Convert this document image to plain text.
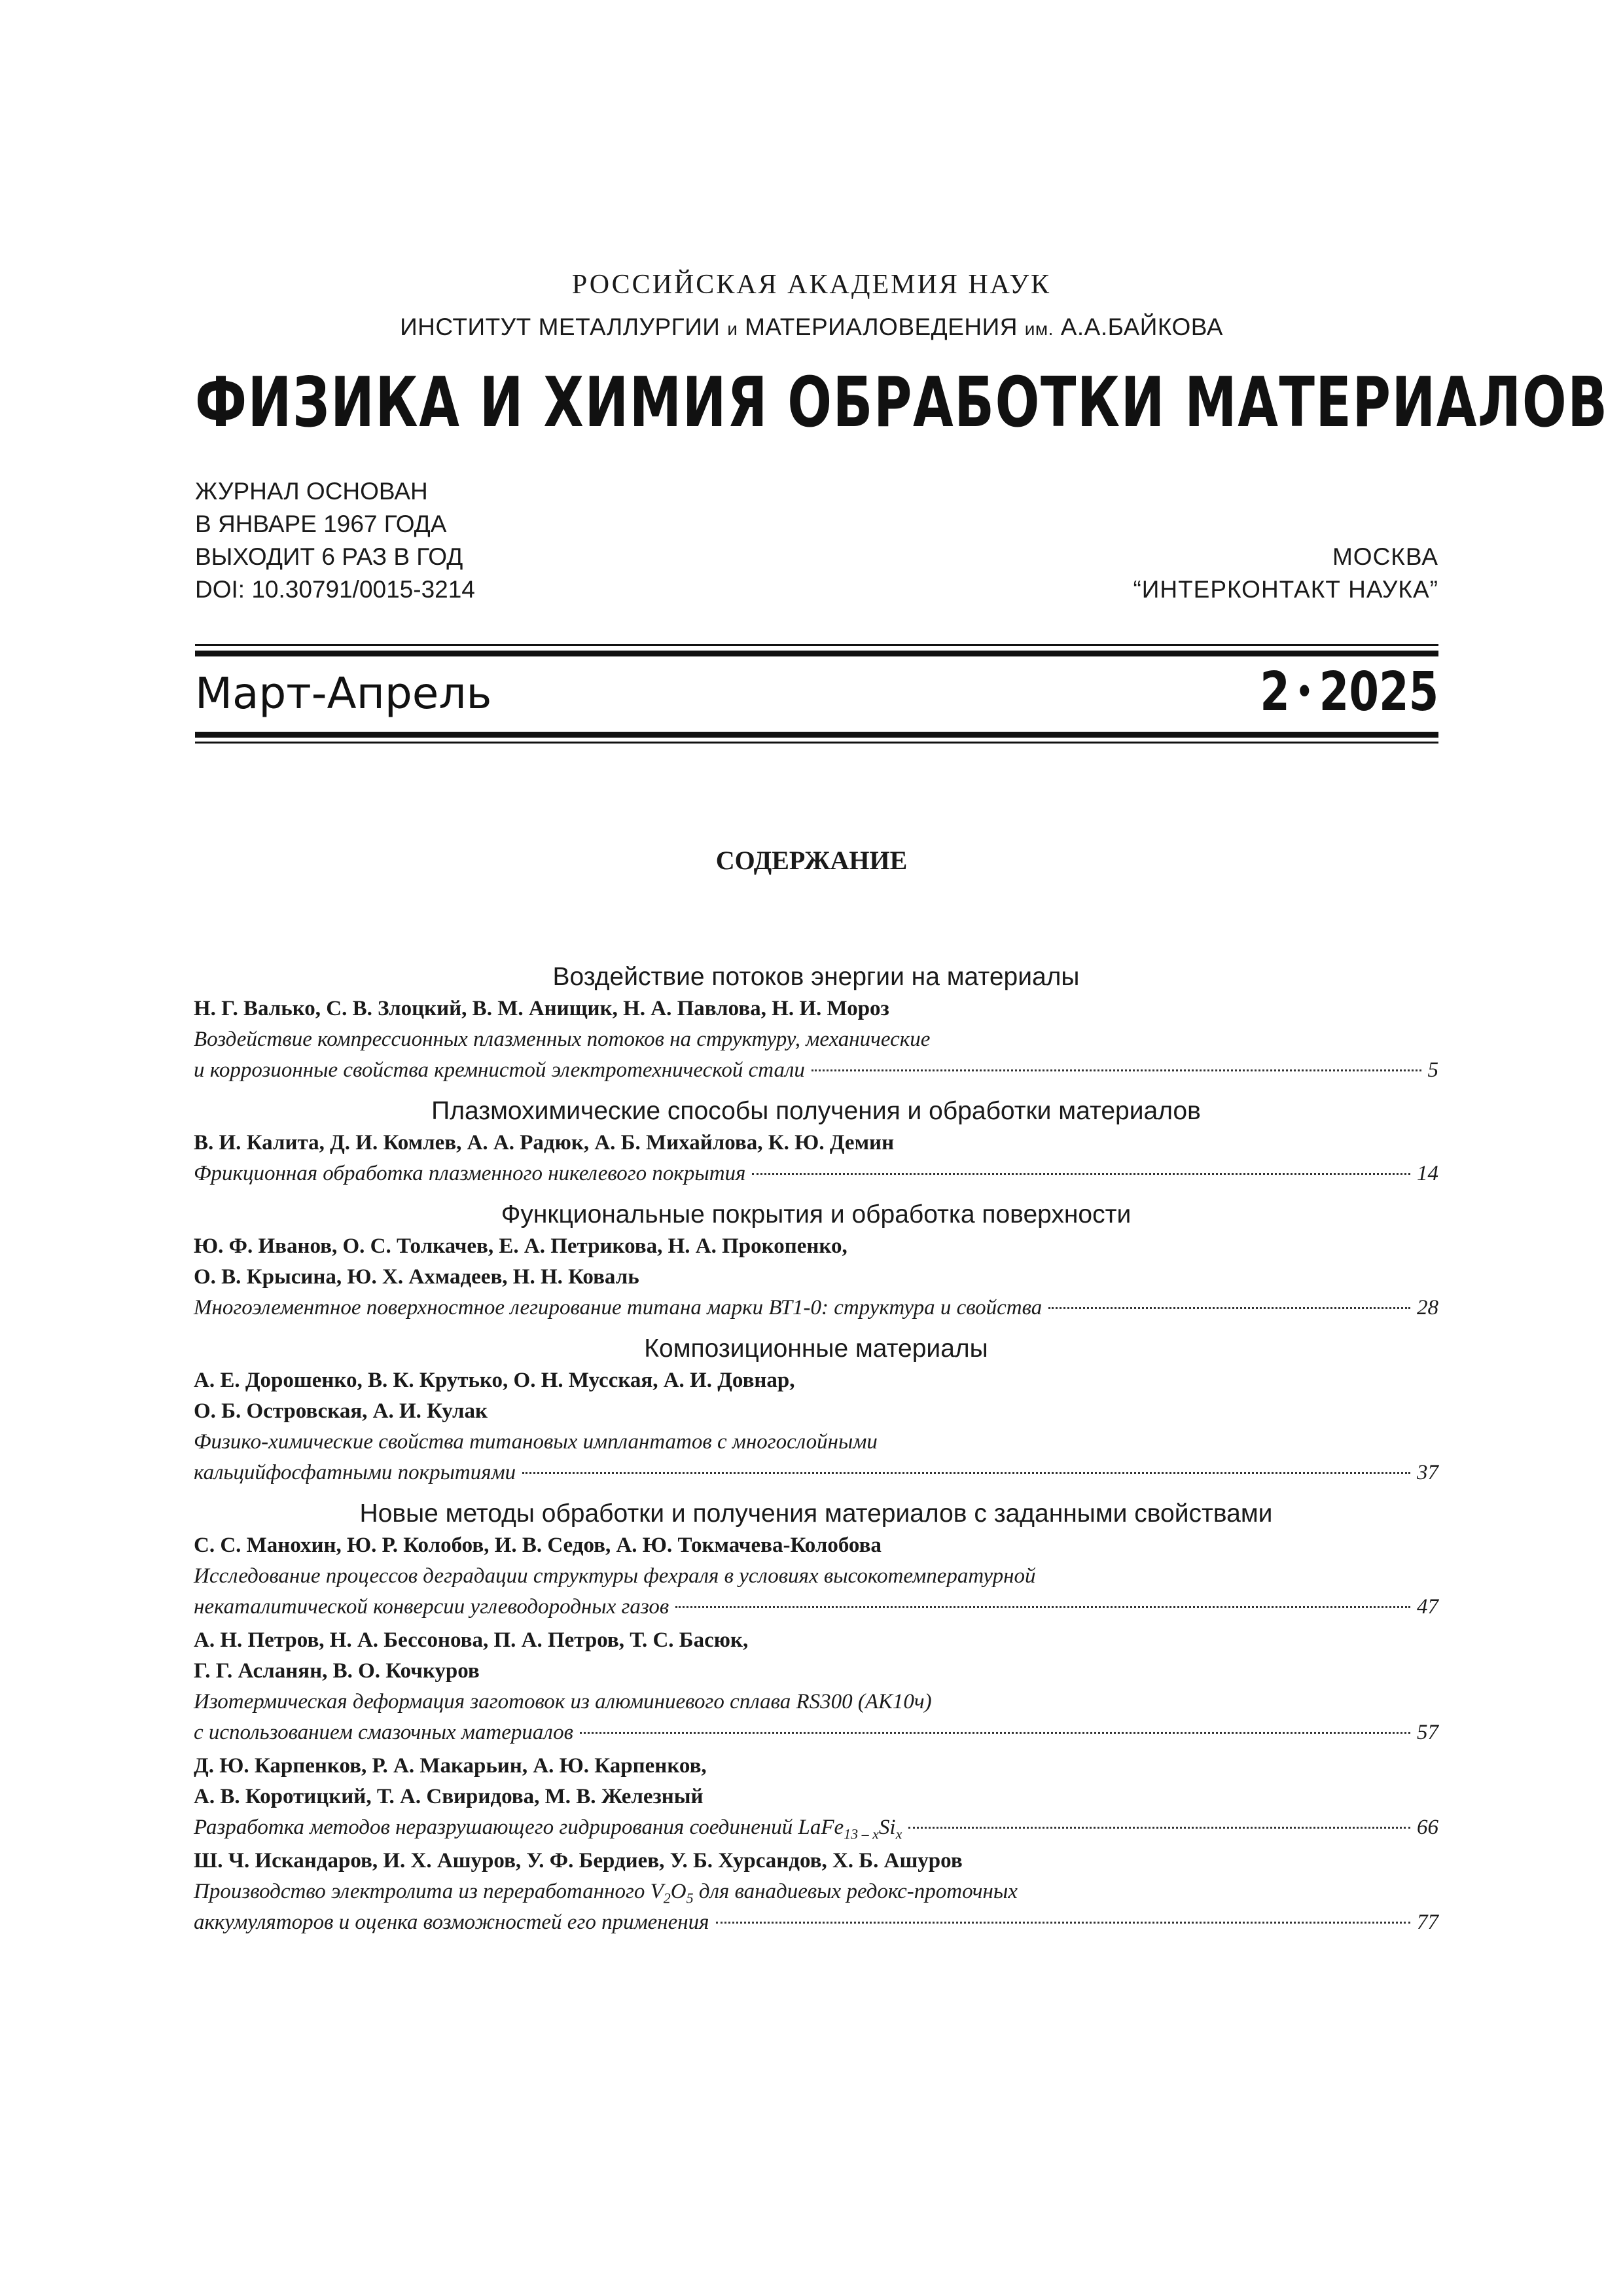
РОССИЙСКАЯ АКАДЕМИЯ НАУК
ИНСТИТУТ МЕТАЛЛУРГИИ и МАТЕРИАЛОВЕДЕНИЯ им. А.А.БАЙКОВА
ФИЗИКА И ХИМИЯ ОБРАБОТКИ МАТЕРИАЛОВ
ЖУРНАЛ ОСНОВАН
В ЯНВАРЕ 1967 ГОДА
ВЫХОДИТ 6 РАЗ В ГОД
DOI: 10.30791/0015-3214
МОСКВА
“ИНТЕРКОНТАКТ НАУКА”
Март-Апрель	2 • 2025
СОДЕРЖАНИЕ
Воздействие потоков энергии на материалы
Н. Г. Валько, С. В. Злоцкий, В. М. Анищик, Н. А. Павлова, Н. И. Мороз
Воздействие компрессионных плазменных потоков на структуру, механические
и коррозионные свойства кремнистой электротехнической стали	5
Плазмохимические способы получения и обработки материалов
В. И. Калита, Д. И. Комлев, А. А. Радюк, А. Б. Михайлова, К. Ю. Демин
Фрикционная обработка плазменного никелевого покрытия	14
Функциональные покрытия и обработка поверхности
Ю. Ф. Иванов, О. С. Толкачев, Е. А. Петрикова, Н. А. Прокопенко,
О. В. Крысина, Ю. Х. Ахмадеев, Н. Н. Коваль
Многоэлементное поверхностное легирование титана марки ВТ1-0: структура и свойства	28
Композиционные материалы
А. Е. Дорошенко, В. К. Крутько, О. Н. Мусская, А. И. Довнар,
О. Б. Островская, А. И. Кулак
Физико-химические свойства титановых имплантатов с многослойными
кальцийфосфатными покрытиями	37
Новые методы обработки и получения материалов с заданными свойствами
С. С. Манохин, Ю. Р. Колобов, И. В. Седов, А. Ю. Токмачева-Колобова
Исследование процессов деградации структуры фехраля в условиях высокотемпературной
некаталитической конверсии углеводородных газов	47
А. Н. Петров, Н. А. Бессонова, П. А. Петров, Т. С. Басюк,
Г. Г. Асланян, В. О. Кочкуров
Изотермическая деформация заготовок из алюминиевого сплава RS300 (АК10ч)
с использованием смазочных материалов	57
Д. Ю. Карпенков, Р. А. Макарьин, А. Ю. Карпенков,
А. В. Коротицкий, Т. А. Свиридова, М. В. Железный
Разработка методов неразрушающего гидрирования соединений $LaFe_{13 - x}Si_x$	66
Ш. Ч. Искандаров, И. Х. Ашуров, У. Ф. Бердиев, У. Б. Хурсандов, Х. Б. Ашуров
Производство электролита из переработанного $V_2O_5$ для ванадиевых редокс-проточных
аккумуляторов и оценка возможностей его применения	77
